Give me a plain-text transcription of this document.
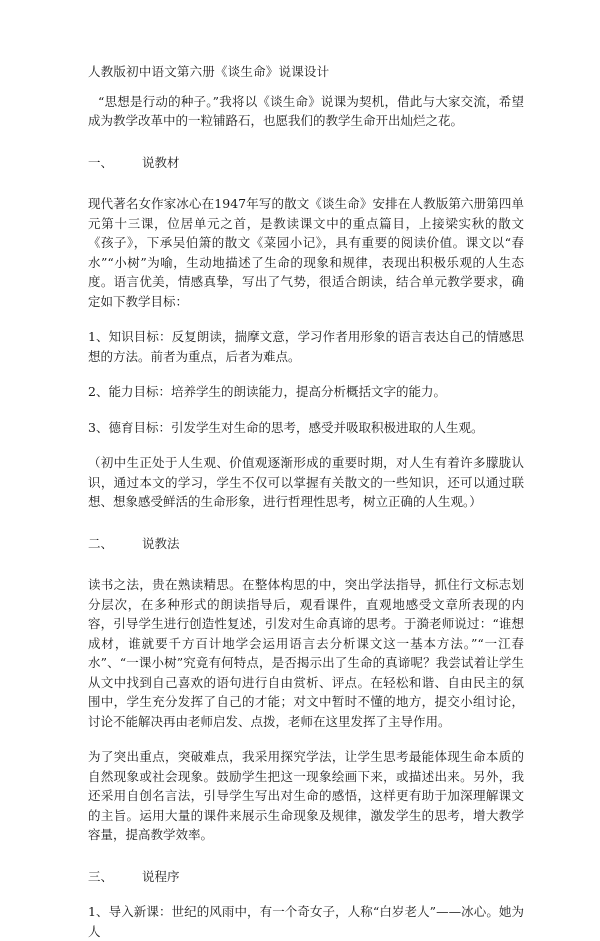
人教版初中语文第六册《谈生命》说课设计

“思想是行动的种子。”我将以《谈生命》说课为契机，借此与大家交流，希望成为教学改革中的一粒铺路石，也愿我们的教学生命开出灿烂之花。

一、	说教材

现代著名女作家冰心在1947年写的散文《谈生命》安排在人教版第六册第四单元第十三课，位居单元之首，是教读课文中的重点篇目，上接梁实秋的散文《孩子》，下承吴伯箫的散文《菜园小记》，具有重要的阅读价值。课文以“春水”“小树”为喻，生动地描述了生命的现象和规律，表现出积极乐观的人生态度。语言优美，情感真挚，写出了气势，很适合朗读，结合单元教学要求，确定如下教学目标：

1、知识目标：反复朗读，揣摩文意，学习作者用形象的语言表达自己的情感思想的方法。前者为重点，后者为难点。

2、能力目标：培养学生的朗读能力，提高分析概括文字的能力。

3、德育目标：引发学生对生命的思考，感受并吸取积极进取的人生观。

（初中生正处于人生观、价值观逐渐形成的重要时期，对人生有着许多朦胧认识，通过本文的学习，学生不仅可以掌握有关散文的一些知识，还可以通过联想、想象感受鲜活的生命形象，进行哲理性思考，树立正确的人生观。）

二、	说教法

读书之法，贵在熟读精思。在整体构思的中，突出学法指导，抓住行文标志划分层次，在多种形式的朗读指导后，观看课件，直观地感受文章所表现的内容，引导学生进行创造性复述，引发对生命真谛的思考。于漪老师说过：“谁想成材，谁就要千方百计地学会运用语言去分析课文这一基本方法。”“一江春水”、“一课小树”究竟有何特点，是否揭示出了生命的真谛呢？我尝试着让学生从文中找到自己喜欢的语句进行自由赏析、评点。在轻松和谐、自由民主的氛围中，学生充分发挥了自己的才能；对文中暂时不懂的地方，提交小组讨论，讨论不能解决再由老师启发、点拨，老师在这里发挥了主导作用。

为了突出重点，突破难点，我采用探究学法，让学生思考最能体现生命本质的自然现象或社会现象。鼓励学生把这一现象绘画下来，或描述出来。另外，我还采用自创名言法，引导学生写出对生命的感悟，这样更有助于加深理解课文的主旨。运用大量的课件来展示生命现象及规律，激发学生的思考，增大教学容量，提高教学效率。

三、	说程序

1、导入新课：世纪的风雨中，有一个奇女子，人称“白岁老人”——冰心。她为人
